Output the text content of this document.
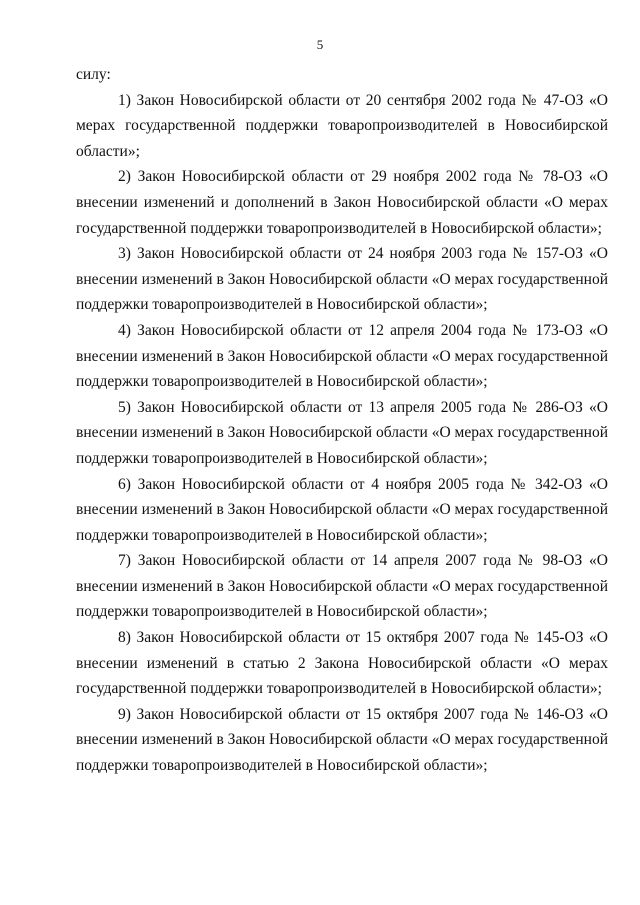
5

силу:

1) Закон Новосибирской области от 20 сентября 2002 года № 47-ОЗ «О мерах государственной поддержки товаропроизводителей в Новосибирской области»;

2) Закон Новосибирской области от 29 ноября 2002 года № 78-ОЗ «О внесении изменений и дополнений в Закон Новосибирской области «О мерах государственной поддержки товаропроизводителей в Новосибирской области»;

3) Закон Новосибирской области от 24 ноября 2003 года № 157-ОЗ «О внесении изменений в Закон Новосибирской области «О мерах государственной поддержки товаропроизводителей в Новосибирской области»;

4) Закон Новосибирской области от 12 апреля 2004 года № 173-ОЗ «О внесении изменений в Закон Новосибирской области «О мерах государственной поддержки товаропроизводителей в Новосибирской области»;

5) Закон Новосибирской области от 13 апреля 2005 года № 286-ОЗ «О внесении изменений в Закон Новосибирской области «О мерах государственной поддержки товаропроизводителей в Новосибирской области»;

6) Закон Новосибирской области от 4 ноября 2005 года № 342-ОЗ «О внесении изменений в Закон Новосибирской области «О мерах государственной поддержки товаропроизводителей в Новосибирской области»;

7) Закон Новосибирской области от 14 апреля 2007 года № 98-ОЗ «О внесении изменений в Закон Новосибирской области «О мерах государственной поддержки товаропроизводителей в Новосибирской области»;

8) Закон Новосибирской области от 15 октября 2007 года № 145-ОЗ «О внесении изменений в статью 2 Закона Новосибирской области «О мерах государственной поддержки товаропроизводителей в Новосибирской области»;

9) Закон Новосибирской области от 15 октября 2007 года № 146-ОЗ «О внесении изменений в Закон Новосибирской области «О мерах государственной поддержки товаропроизводителей в Новосибирской области»;
